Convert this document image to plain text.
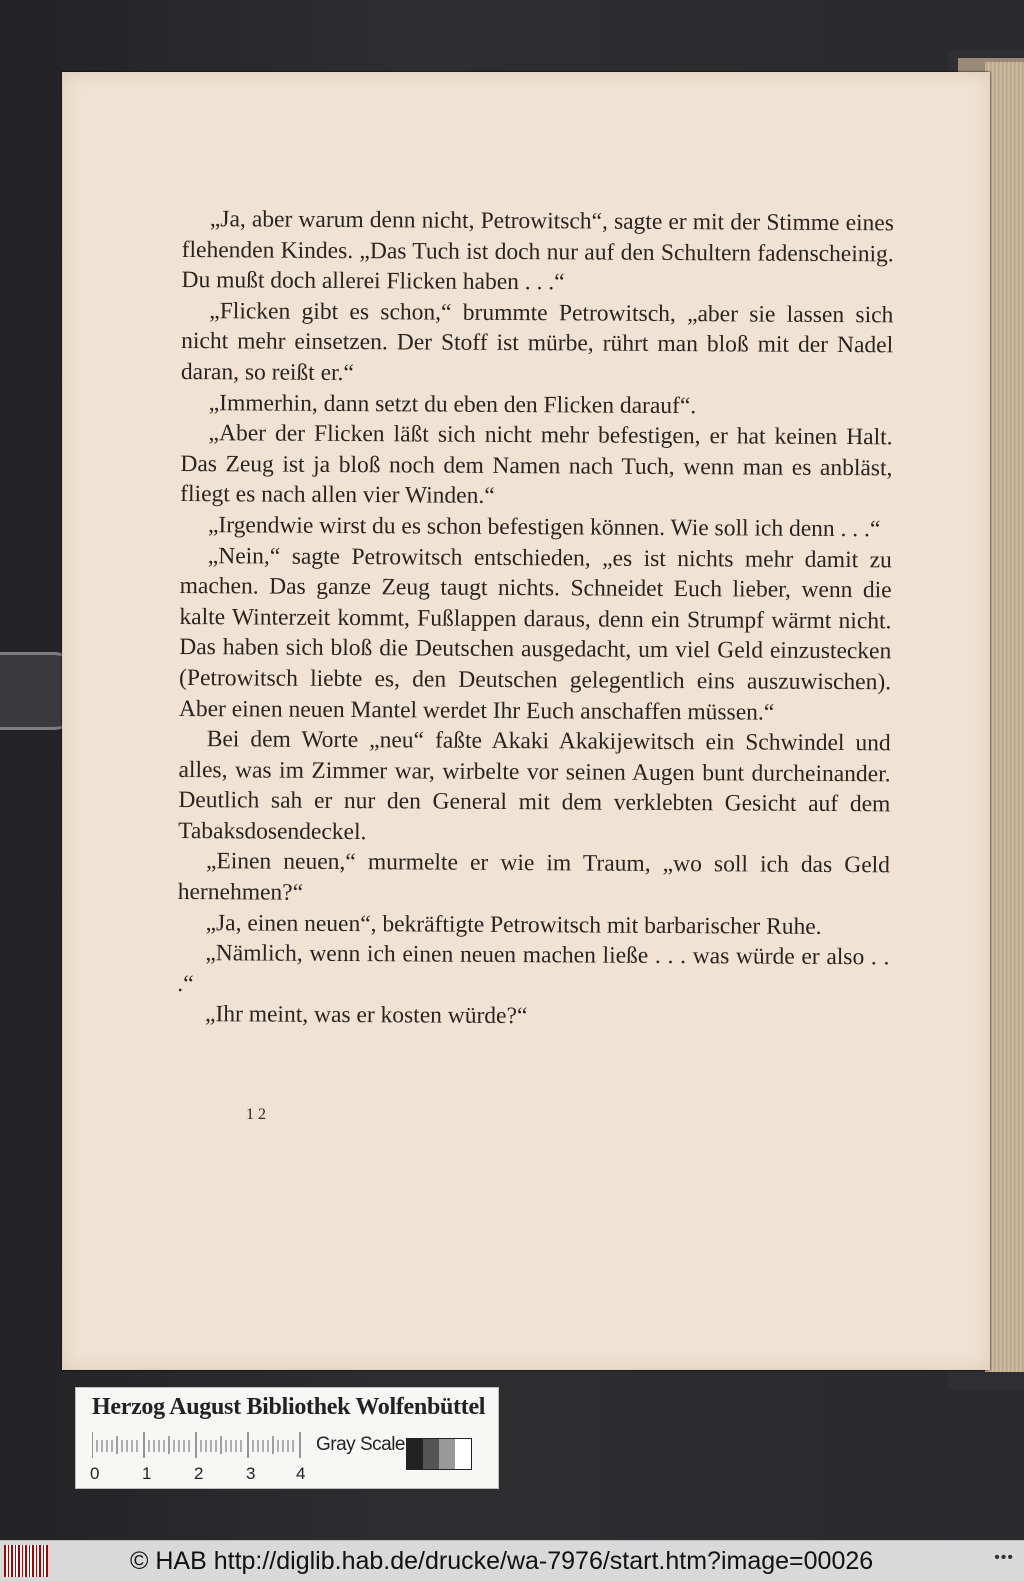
„Ja, aber warum denn nicht, Petrowitsch“, sagte er mit der Stimme eines flehenden Kindes. „Das Tuch ist doch nur auf den Schultern fadenscheinig. Du mußt doch allerei Flicken haben . . .“

„Flicken gibt es schon,“ brummte Petrowitsch, „aber sie lassen sich nicht mehr einsetzen. Der Stoff ist mürbe, rührt man bloß mit der Nadel daran, so reißt er.“

„Immerhin, dann setzt du eben den Flicken darauf“.

„Aber der Flicken läßt sich nicht mehr befestigen, er hat keinen Halt. Das Zeug ist ja bloß noch dem Namen nach Tuch, wenn man es anbläst, fliegt es nach allen vier Winden.“

„Irgendwie wirst du es schon befestigen können. Wie soll ich denn . . .“

„Nein,“ sagte Petrowitsch entschieden, „es ist nichts mehr damit zu machen. Das ganze Zeug taugt nichts. Schneidet Euch lieber, wenn die kalte Winterzeit kommt, Fußlappen daraus, denn ein Strumpf wärmt nicht. Das haben sich bloß die Deutschen ausgedacht, um viel Geld einzustecken (Petrowitsch liebte es, den Deutschen gelegentlich eins auszuwischen). Aber einen neuen Mantel werdet Ihr Euch anschaffen müssen.“

Bei dem Worte „neu“ faßte Akaki Akakijewitsch ein Schwindel und alles, was im Zimmer war, wirbelte vor seinen Augen bunt durcheinander. Deutlich sah er nur den General mit dem verklebten Gesicht auf dem Tabaksdosendeckel.

„Einen neuen,“ murmelte er wie im Traum, „wo soll ich das Geld hernehmen?“

„Ja, einen neuen“, bekräftigte Petrowitsch mit barbarischer Ruhe.

„Nämlich, wenn ich einen neuen machen ließe . . . was würde er also . . .“

„Ihr meint, was er kosten würde?“

12
Herzog August Bibliothek Wolfenbüttel
0	1	2	3 4
Gray Scale
© HAB http://diglib.hab.de/drucke/wa-7976/start.htm?image=00026	•••
